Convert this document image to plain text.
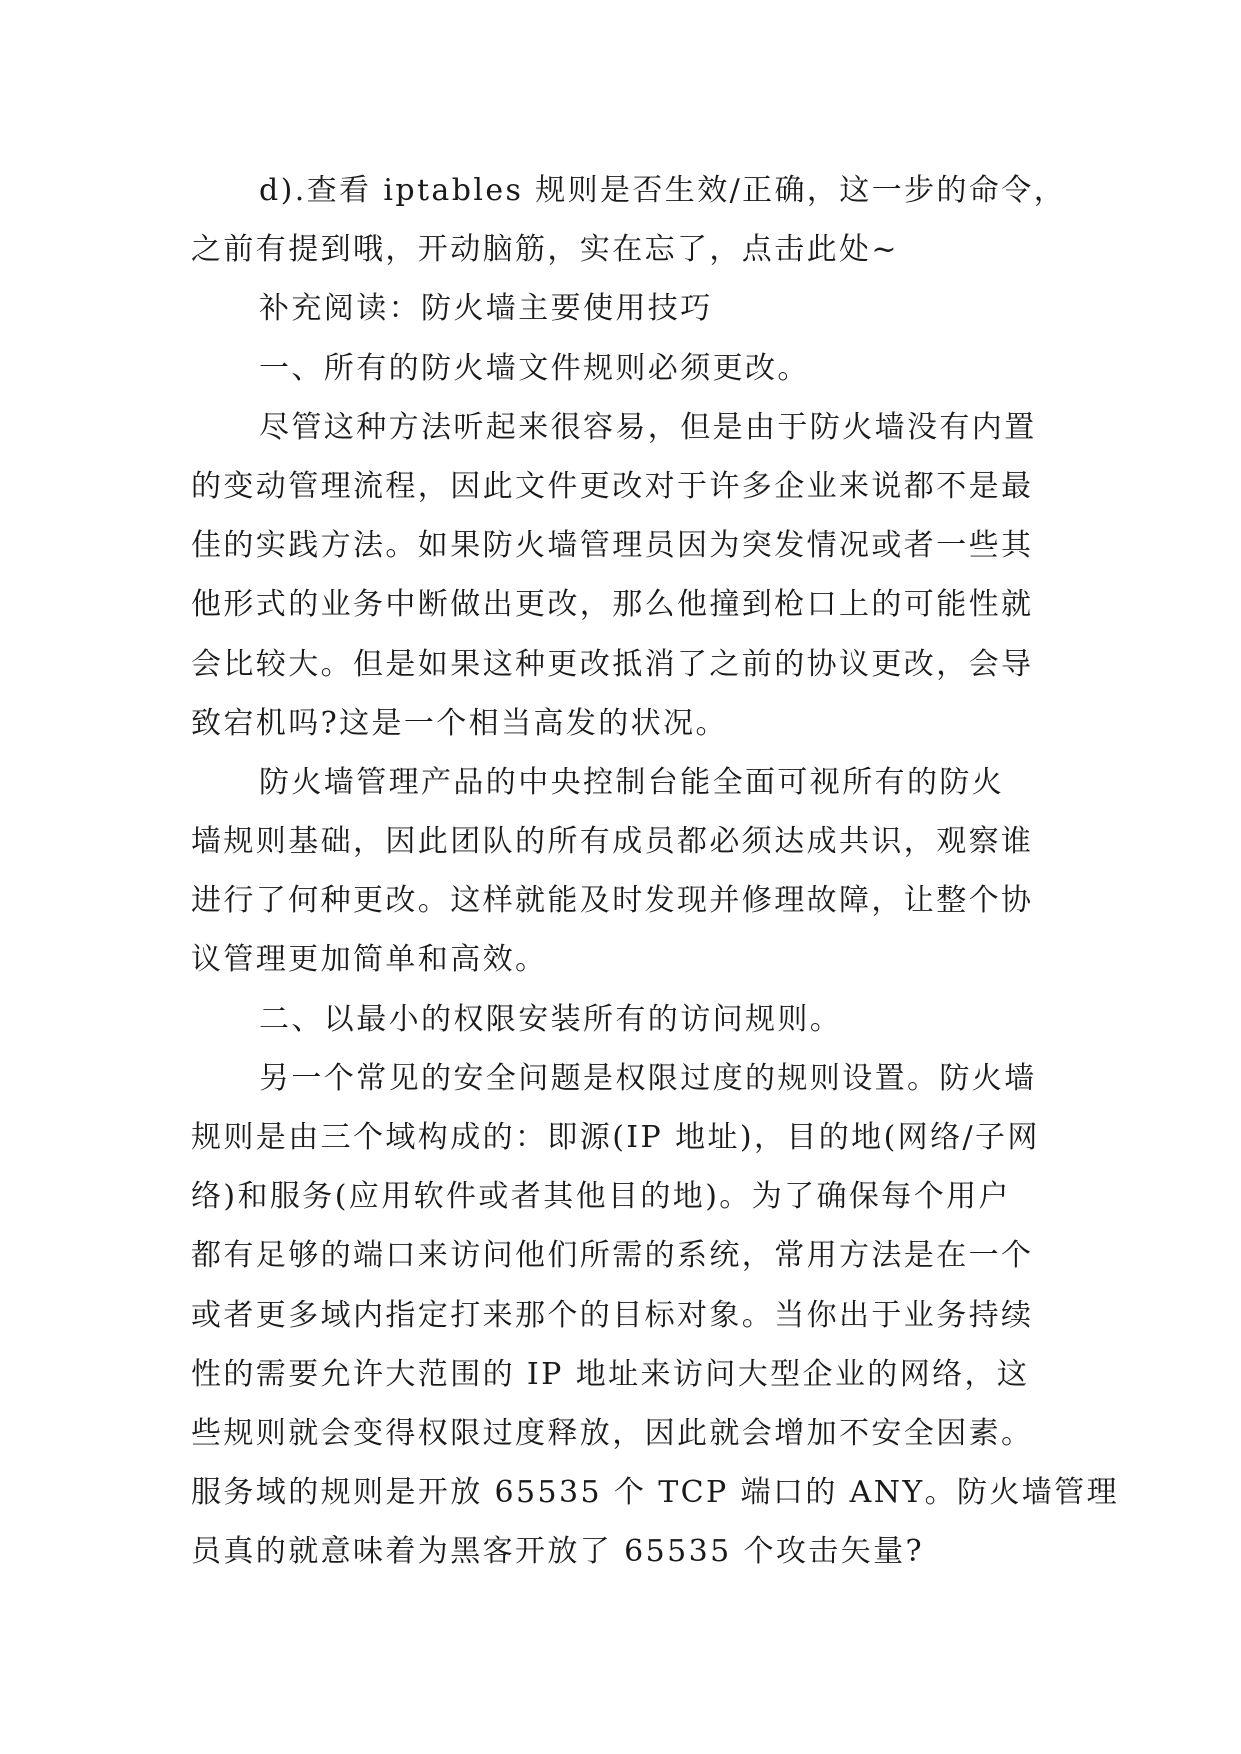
d).查看 iptables 规则是否生效/正确，这一步的命令，
之前有提到哦，开动脑筋，实在忘了，点击此处~
补充阅读：防火墙主要使用技巧
一、所有的防火墙文件规则必须更改。
尽管这种方法听起来很容易，但是由于防火墙没有内置
的变动管理流程，因此文件更改对于许多企业来说都不是最
佳的实践方法。如果防火墙管理员因为突发情况或者一些其
他形式的业务中断做出更改，那么他撞到枪口上的可能性就
会比较大。但是如果这种更改抵消了之前的协议更改，会导
致宕机吗?这是一个相当高发的状况。
防火墙管理产品的中央控制台能全面可视所有的防火
墙规则基础，因此团队的所有成员都必须达成共识，观察谁
进行了何种更改。这样就能及时发现并修理故障，让整个协
议管理更加简单和高效。
二、以最小的权限安装所有的访问规则。
另一个常见的安全问题是权限过度的规则设置。防火墙
规则是由三个域构成的：即源(IP 地址)，目的地(网络/子网
络)和服务(应用软件或者其他目的地)。为了确保每个用户
都有足够的端口来访问他们所需的系统，常用方法是在一个
或者更多域内指定打来那个的目标对象。当你出于业务持续
性的需要允许大范围的 IP 地址来访问大型企业的网络，这
些规则就会变得权限过度释放，因此就会增加不安全因素。
服务域的规则是开放 65535 个 TCP 端口的 ANY。防火墙管理
员真的就意味着为黑客开放了 65535 个攻击矢量?
